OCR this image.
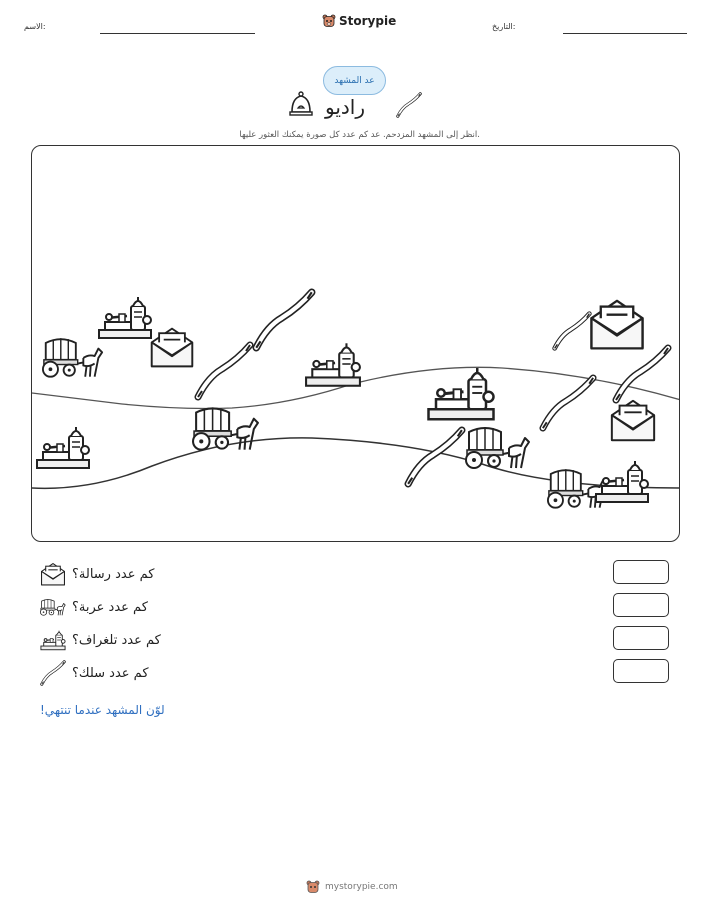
الاسم:	Storypie	التاريخ:
عد المشهد
راديو
انظر إلى المشهد المزدحم. عد كم عدد كل صورة يمكنك العثور عليها.
كم عدد رسالة؟
كم عدد عربة؟
كم عدد تلغراف؟
كم عدد سلك؟
لوّن المشهد عندما تنتهي!
mystorypie.com
